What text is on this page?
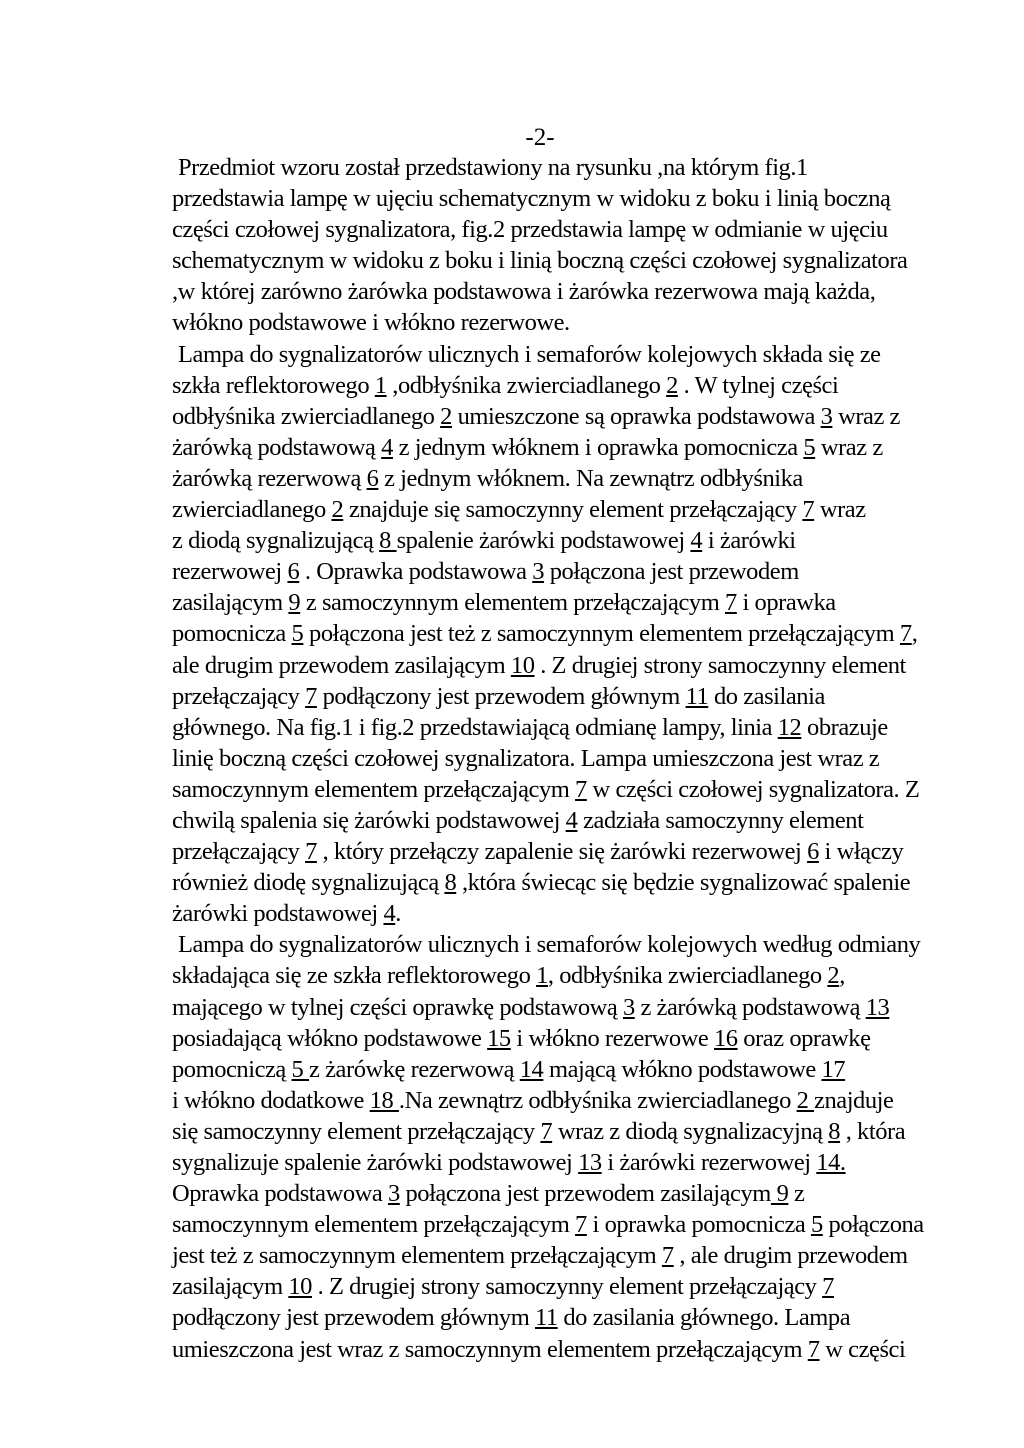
-2-
Przedmiot wzoru został przedstawiony na rysunku ,na którym fig.1
przedstawia lampę w ujęciu schematycznym w widoku z boku i linią boczną
części czołowej sygnalizatora, fig.2 przedstawia lampę w odmianie w ujęciu
schematycznym w widoku z boku i linią boczną części czołowej sygnalizatora
,w której zarówno żarówka podstawowa i żarówka rezerwowa mają każda,
włókno podstawowe i włókno rezerwowe.
Lampa do sygnalizatorów ulicznych i semaforów kolejowych składa się ze
szkła reflektorowego 1 ,odbłyśnika zwierciadlanego 2 . W tylnej części
odbłyśnika zwierciadlanego 2 umieszczone są oprawka podstawowa 3 wraz z
żarówką podstawową 4 z jednym włóknem i oprawka pomocnicza 5 wraz z
żarówką rezerwową 6 z jednym włóknem. Na zewnątrz odbłyśnika
zwierciadlanego 2 znajduje się samoczynny element przełączający 7 wraz
z diodą sygnalizującą 8 spalenie żarówki podstawowej 4 i żarówki
rezerwowej 6 . Oprawka podstawowa 3 połączona jest przewodem
zasilającym 9 z samoczynnym elementem przełączającym 7 i oprawka
pomocnicza 5 połączona jest też z samoczynnym elementem przełączającym 7,
ale drugim przewodem zasilającym 10 . Z drugiej strony samoczynny element
przełączający 7 podłączony jest przewodem głównym 11 do zasilania
głównego. Na fig.1 i fig.2 przedstawiającą odmianę lampy, linia 12 obrazuje
linię boczną części czołowej sygnalizatora. Lampa umieszczona jest wraz z
samoczynnym elementem przełączającym 7 w części czołowej sygnalizatora. Z
chwilą spalenia się żarówki podstawowej 4 zadziała samoczynny element
przełączający 7 , który przełączy zapalenie się żarówki rezerwowej 6 i włączy
również diodę sygnalizującą 8 ,która świecąc się będzie sygnalizować spalenie
żarówki podstawowej 4.
Lampa do sygnalizatorów ulicznych i semaforów kolejowych według odmiany
składająca się ze szkła reflektorowego 1, odbłyśnika zwierciadlanego 2,
mającego w tylnej części oprawkę podstawową 3 z żarówką podstawową 13
posiadającą włókno podstawowe 15 i włókno rezerwowe 16 oraz oprawkę
pomocniczą 5 z żarówkę rezerwową 14 mającą włókno podstawowe 17
i włókno dodatkowe 18 .Na zewnątrz odbłyśnika zwierciadlanego 2 znajduje
się samoczynny element przełączający 7 wraz z diodą sygnalizacyjną 8 , która
sygnalizuje spalenie żarówki podstawowej 13 i żarówki rezerwowej 14.
Oprawka podstawowa 3 połączona jest przewodem zasilającym 9 z
samoczynnym elementem przełączającym 7 i oprawka pomocnicza 5 połączona
jest też z samoczynnym elementem przełączającym 7 , ale drugim przewodem
zasilającym 10 . Z drugiej strony samoczynny element przełączający 7
podłączony jest przewodem głównym 11 do zasilania głównego. Lampa
umieszczona jest wraz z samoczynnym elementem przełączającym 7 w części
